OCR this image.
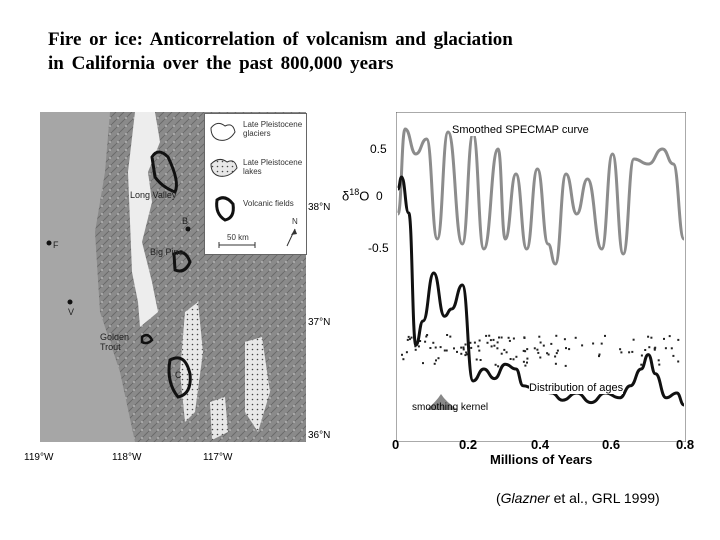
Fire or ice: Anticorrelation of volcanism and glaciation
in California over the past 800,000 years
Long Valley
Big Pine
Golden Trout
B
F
V
C
Late Pleistocene glaciers
Late Pleistocene lakes
Volcanic fields
50 km
N
38°N
37°N
36°N
119°W	118°W	117°W
$\delta^{18}O$
0.5
0
-0.5
Smoothed SPECMAP curve
Distribution of ages
smoothing kernel
0	0.2	0.4	0.6	0.8
Millions of Years
(Glazner et al., GRL 1999)
